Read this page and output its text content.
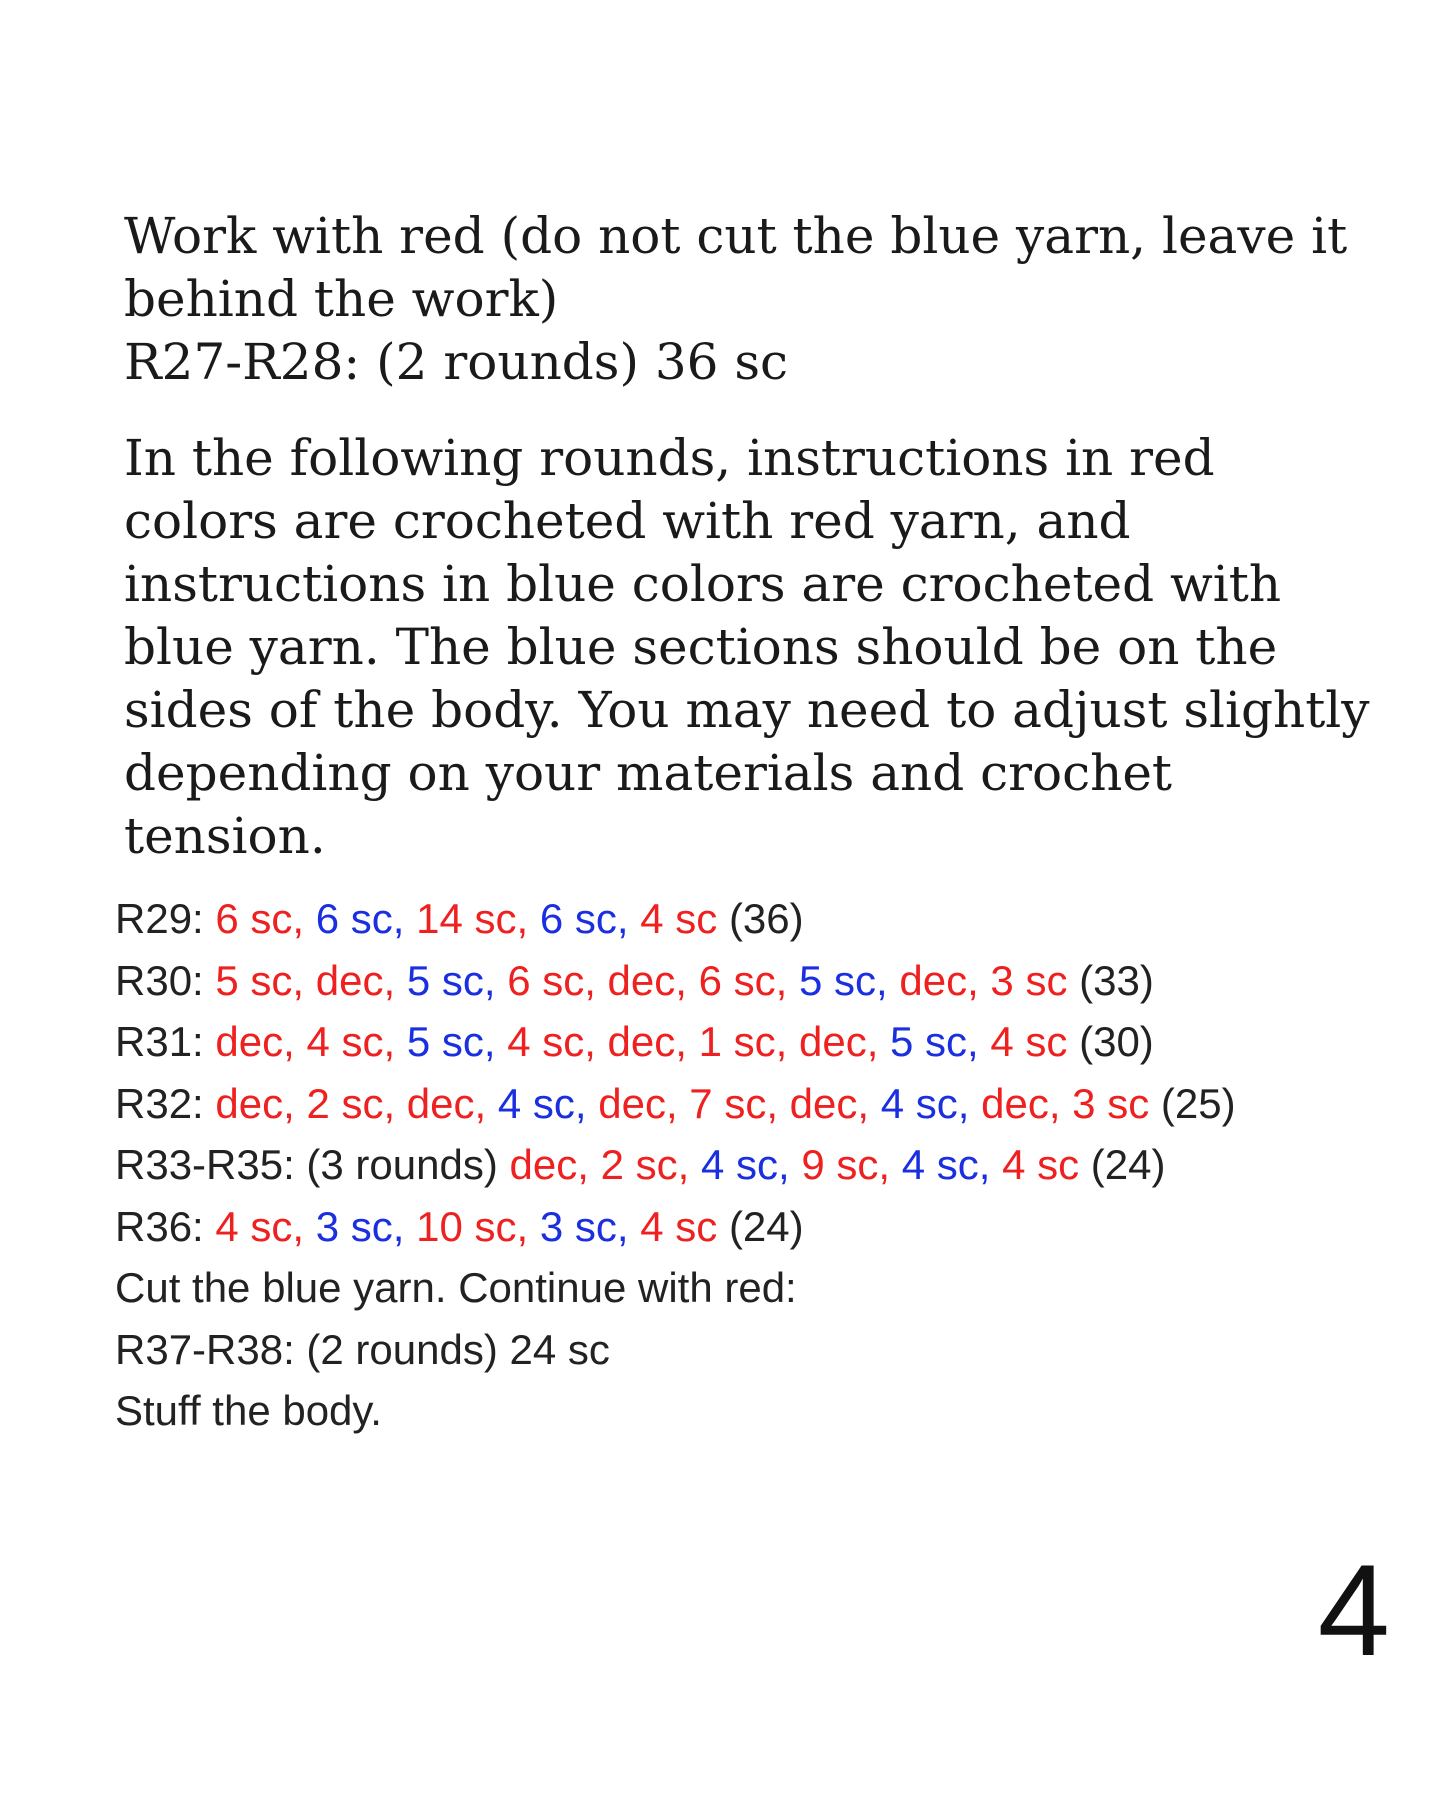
Work with red (do not cut the blue yarn, leave it behind the work)

R27-R28: (2 rounds) 36 sc

In the following rounds, instructions in red colors are crocheted with red yarn, and instructions in blue colors are crocheted with blue yarn. The blue sections should be on the sides of the body. You may need to adjust slightly depending on your materials and crochet tension.

R29: 6 sc, 6 sc, 14 sc, 6 sc, 4 sc (36)
R30: 5 sc, dec, 5 sc, 6 sc, dec, 6 sc, 5 sc, dec, 3 sc (33)
R31: dec, 4 sc, 5 sc, 4 sc, dec, 1 sc, dec, 5 sc, 4 sc (30)
R32: dec, 2 sc, dec, 4 sc, dec, 7 sc, dec, 4 sc, dec, 3 sc (25)
R33-R35: (3 rounds) dec, 2 sc, 4 sc, 9 sc, 4 sc, 4 sc (24)
R36: 4 sc, 3 sc, 10 sc, 3 sc, 4 sc (24)
Cut the blue yarn. Continue with red:
R37-R38: (2 rounds) 24 sc
Stuff the body.
4
